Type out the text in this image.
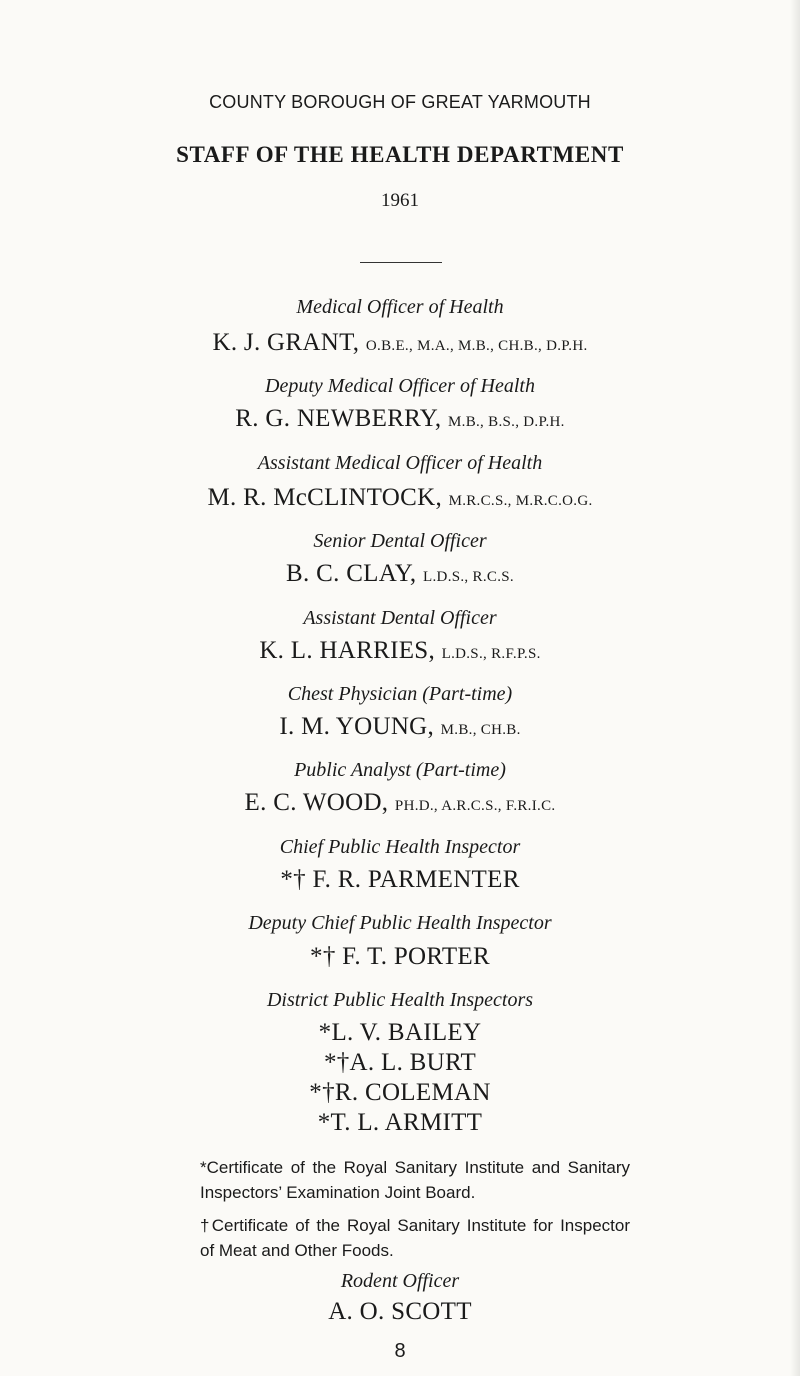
COUNTY BOROUGH OF GREAT YARMOUTH
STAFF OF THE HEALTH DEPARTMENT
1961
Medical Officer of Health
K. J. GRANT, O.B.E., M.A., M.B., CH.B., D.P.H.
Deputy Medical Officer of Health
R. G. NEWBERRY, M.B., B.S., D.P.H.
Assistant Medical Officer of Health
M. R. McCLINTOCK, M.R.C.S., M.R.C.O.G.
Senior Dental Officer
B. C. CLAY, L.D.S., R.C.S.
Assistant Dental Officer
K. L. HARRIES, L.D.S., R.F.P.S.
Chest Physician (Part-time)
I. M. YOUNG, M.B., CH.B.
Public Analyst (Part-time)
E. C. WOOD, PH.D., A.R.C.S., F.R.I.C.
Chief Public Health Inspector
*† F. R. PARMENTER
Deputy Chief Public Health Inspector
*† F. T. PORTER
District Public Health Inspectors
*L. V. BAILEY
*†A. L. BURT
*†R. COLEMAN
*T. L. ARMITT
*Certificate of the Royal Sanitary Institute and Sanitary Inspectors’ Examination Joint Board.
†Certificate of the Royal Sanitary Institute for Inspector of Meat and Other Foods.
Rodent Officer
A. O. SCOTT
8
